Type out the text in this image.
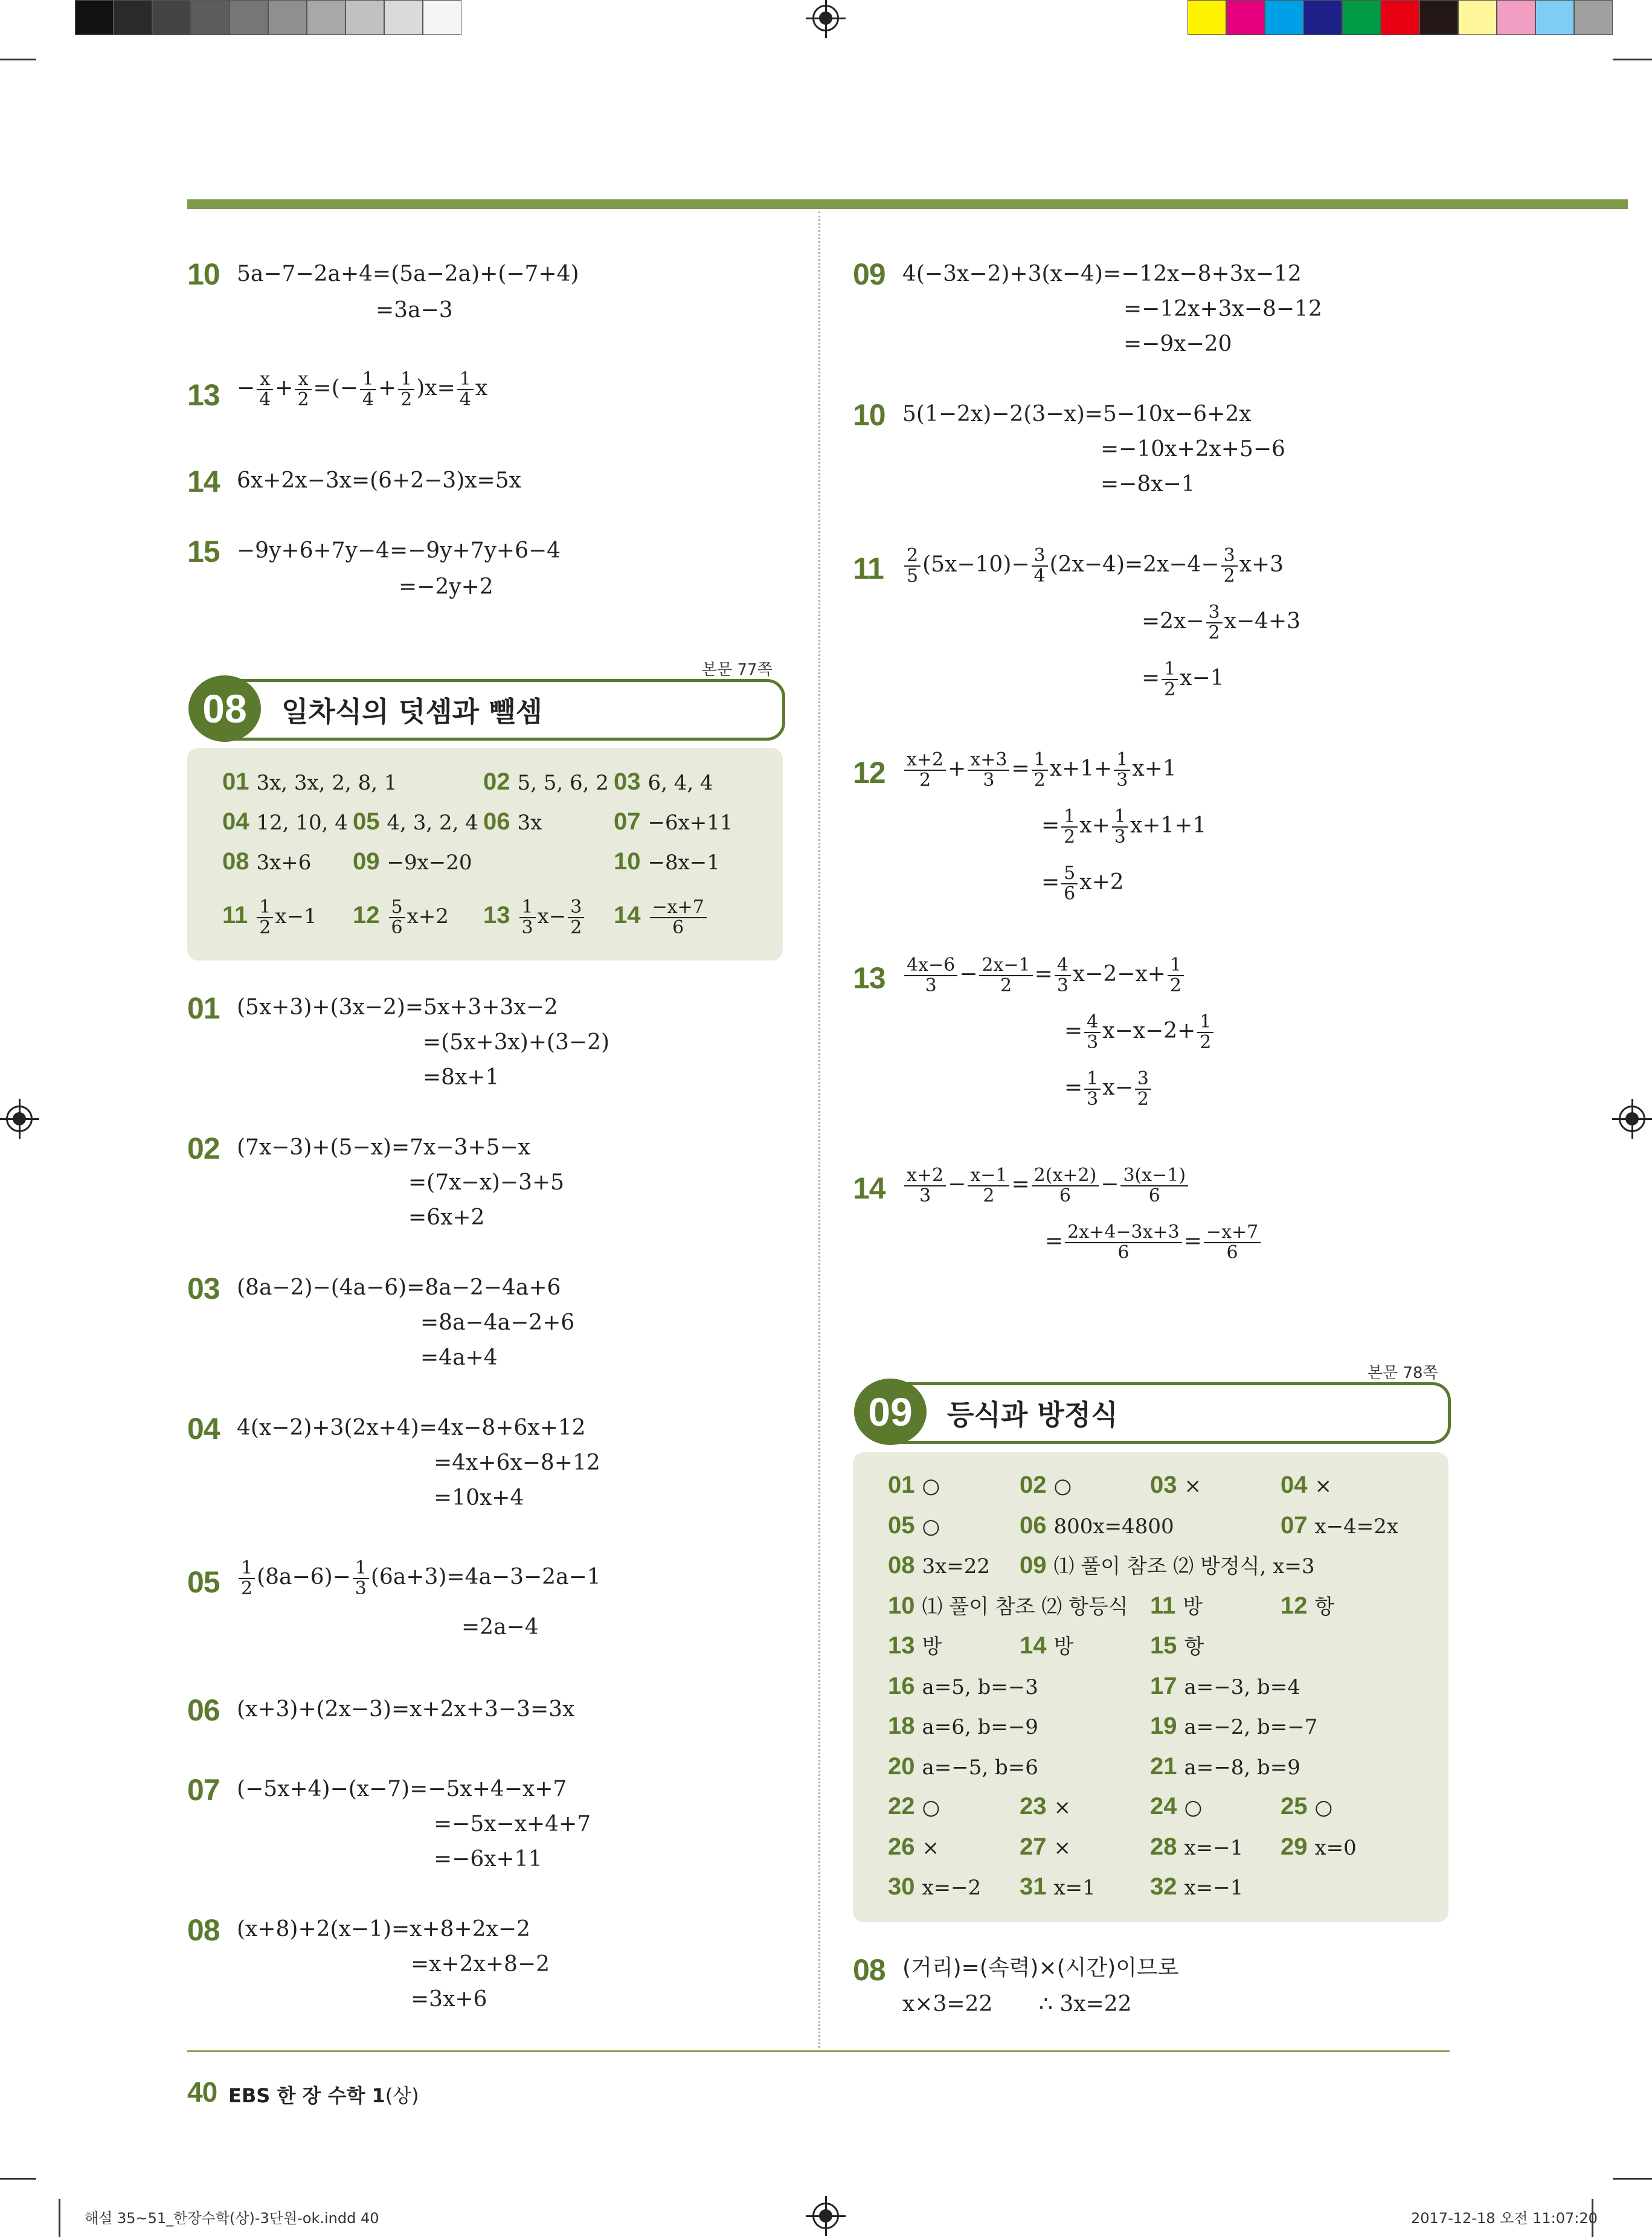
10 5a−7−2a+4=(5a−2a)+(−7+4)
=3a−3
$13 - \frac{x}{4} + \frac{x}{2}$ =(− $\frac{1}{4} + \frac{1}{2} )x= \frac{1}{4}$ x
14 6x+2x−3x=(6+2−3)x=5x
15 −9y+6+7y−4=−9y+7y+6−4
=−2y+2
본문 77쪽
08	일차식의 덧셈과 뺄셈
01 3x, 3x, 2, 8, 1	02 5, 5, 6, 2 03 6, 4, 4
04 12, 10, 4 05 4, 3, 2, 4 06 3x	07 −6x+11
08 3x+6 09 −9x−20	10 −8x−1
$11 \frac{1}{2} x-1$ $12 \frac{5}{6} x+2$ $13 \frac{1}{3} x- \frac{3}{2} 14 \frac{-x+7}{6}$
01 (5x+3)+(3x−2)=5x+3+3x−2
=(5x+3x)+(3−2)
=8x+1
02 (7x−3)+(5−x)=7x−3+5−x
=(7x−x)−3+5
=6x+2
03 (8a−2)−(4a−6)=8a−2−4a+6
=8a−4a−2+6
=4a+4
04 4(x−2)+3(2x+4)=4x−8+6x+12
=4x+6x−8+12
=10x+4
$05 \frac{1}{2} (8a-6)- \frac{1}{3} (6a+3)=4a-3-2a-1$
=2a−4
06 (x+3)+(2x−3)=x+2x+3−3=3x
07 (−5x+4)−(x−7)=−5x+4−x+7
=−5x−x+4+7
=−6x+11
08 (x+8)+2(x−1)=x+8+2x−2
=x+2x+8−2
=3x+6
09 4(−3x−2)+3(x−4)=−12x−8+3x−12
=−12x+3x−8−12
=−9x−20
10 5(1−2x)−2(3−x)=5−10x−6+2x
=−10x+2x+5−6
=−8x−1
$11 \frac{2}{5} (5x-10)- \frac{3}{4} (2x-4)=2x-4- \frac{3}{2} x+3$
$=2x- \frac{3}{2} x-4+3$
= $\frac{1}{2} x-1$
$12 \frac{x+2}{2} + \frac{x+3}{3} = \frac{1}{2} x+1+ \frac{1}{3} x+1$
= $\frac{1}{2} x+ \frac{1}{3} x+1+1$
= $\frac{5}{6} x+2$
$13 \frac{4x-6}{3} - \frac{2x-1}{2} = \frac{4}{3} x-2-x+ \frac{1}{2}$
= $\frac{4}{3} x-x-2+ \frac{1}{2}$
= $\frac{1}{3} x- \frac{3}{2}$
$14 \frac{x+2}{3} - \frac{x-1}{2} = \frac{2(x+2)}{6} - \frac{3(x-1)}{6}$
= $\frac{2x+4-3x+3}{6} = \frac{-x+7}{6}$
본문 78쪽
09	등식과 방정식
01 ○	02 ○	03 ×	04 ×
05 ○	06 800x=4800	07 x−4=2x
08 3x=22 09 ⑴ 풀이 참조 ⑵ 방정식, x=3
10 ⑴ 풀이 참조 ⑵ 항등식 11 방	12 항
13 방	14 방	15 항
16 a=5, b=−3	17 a=−3, b=4
18 a=6, b=−9	19 a=−2, b=−7
20 a=−5, b=6	21 a=−8, b=9
22 ○	23 ×	24 ○	25 ○
26 ×	27 ×	28 x=−1 29 x=0
30 x=−2 31 x=1 32 x=−1
08 (거리)=(속력)×(시간)이므로
x×3=22 ∴ 3x=22
40 EBS 한 장 수학 1(상)
해설 35~51_한장수학(상)-3단원-ok.indd 40	2017-12-18 오전 11:07:20
